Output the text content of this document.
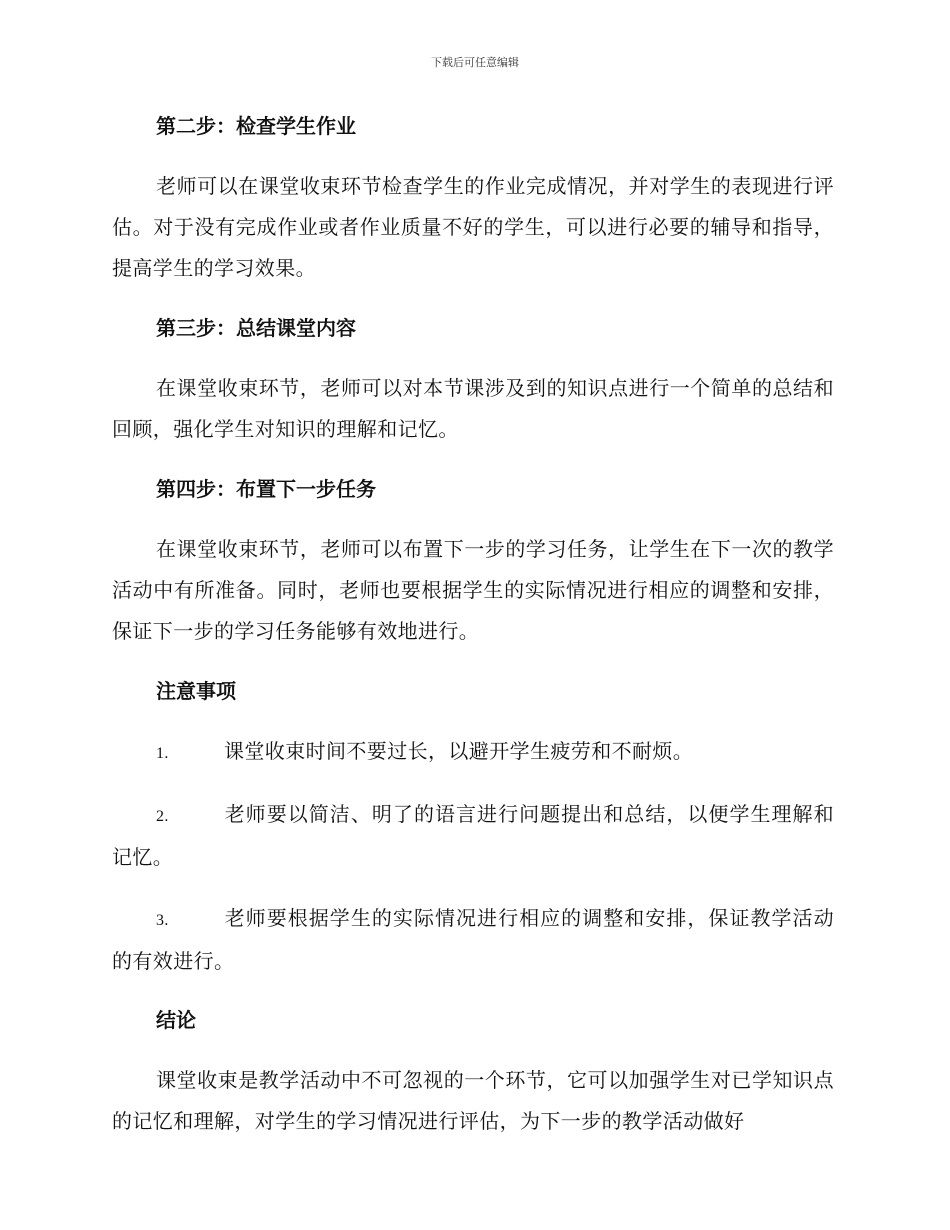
下载后可任意编辑
第二步：检查学生作业

老师可以在课堂收束环节检查学生的作业完成情况，并对学生的表现进行评估。对于没有完成作业或者作业质量不好的学生，可以进行必要的辅导和指导，提高学生的学习效果。

第三步：总结课堂内容

在课堂收束环节，老师可以对本节课涉及到的知识点进行一个简单的总结和回顾，强化学生对知识的理解和记忆。

第四步：布置下一步任务

在课堂收束环节，老师可以布置下一步的学习任务，让学生在下一次的教学活动中有所准备。同时，老师也要根据学生的实际情况进行相应的调整和安排，保证下一步的学习任务能够有效地进行。

注意事项

1.	课堂收束时间不要过长，以避开学生疲劳和不耐烦。

2.	老师要以简洁、明了的语言进行问题提出和总结，以便学生理解和记忆。

3.	老师要根据学生的实际情况进行相应的调整和安排，保证教学活动的有效进行。

结论

课堂收束是教学活动中不可忽视的一个环节，它可以加强学生对已学知识点的记忆和理解，对学生的学习情况进行评估，为下一步的教学活动做好
